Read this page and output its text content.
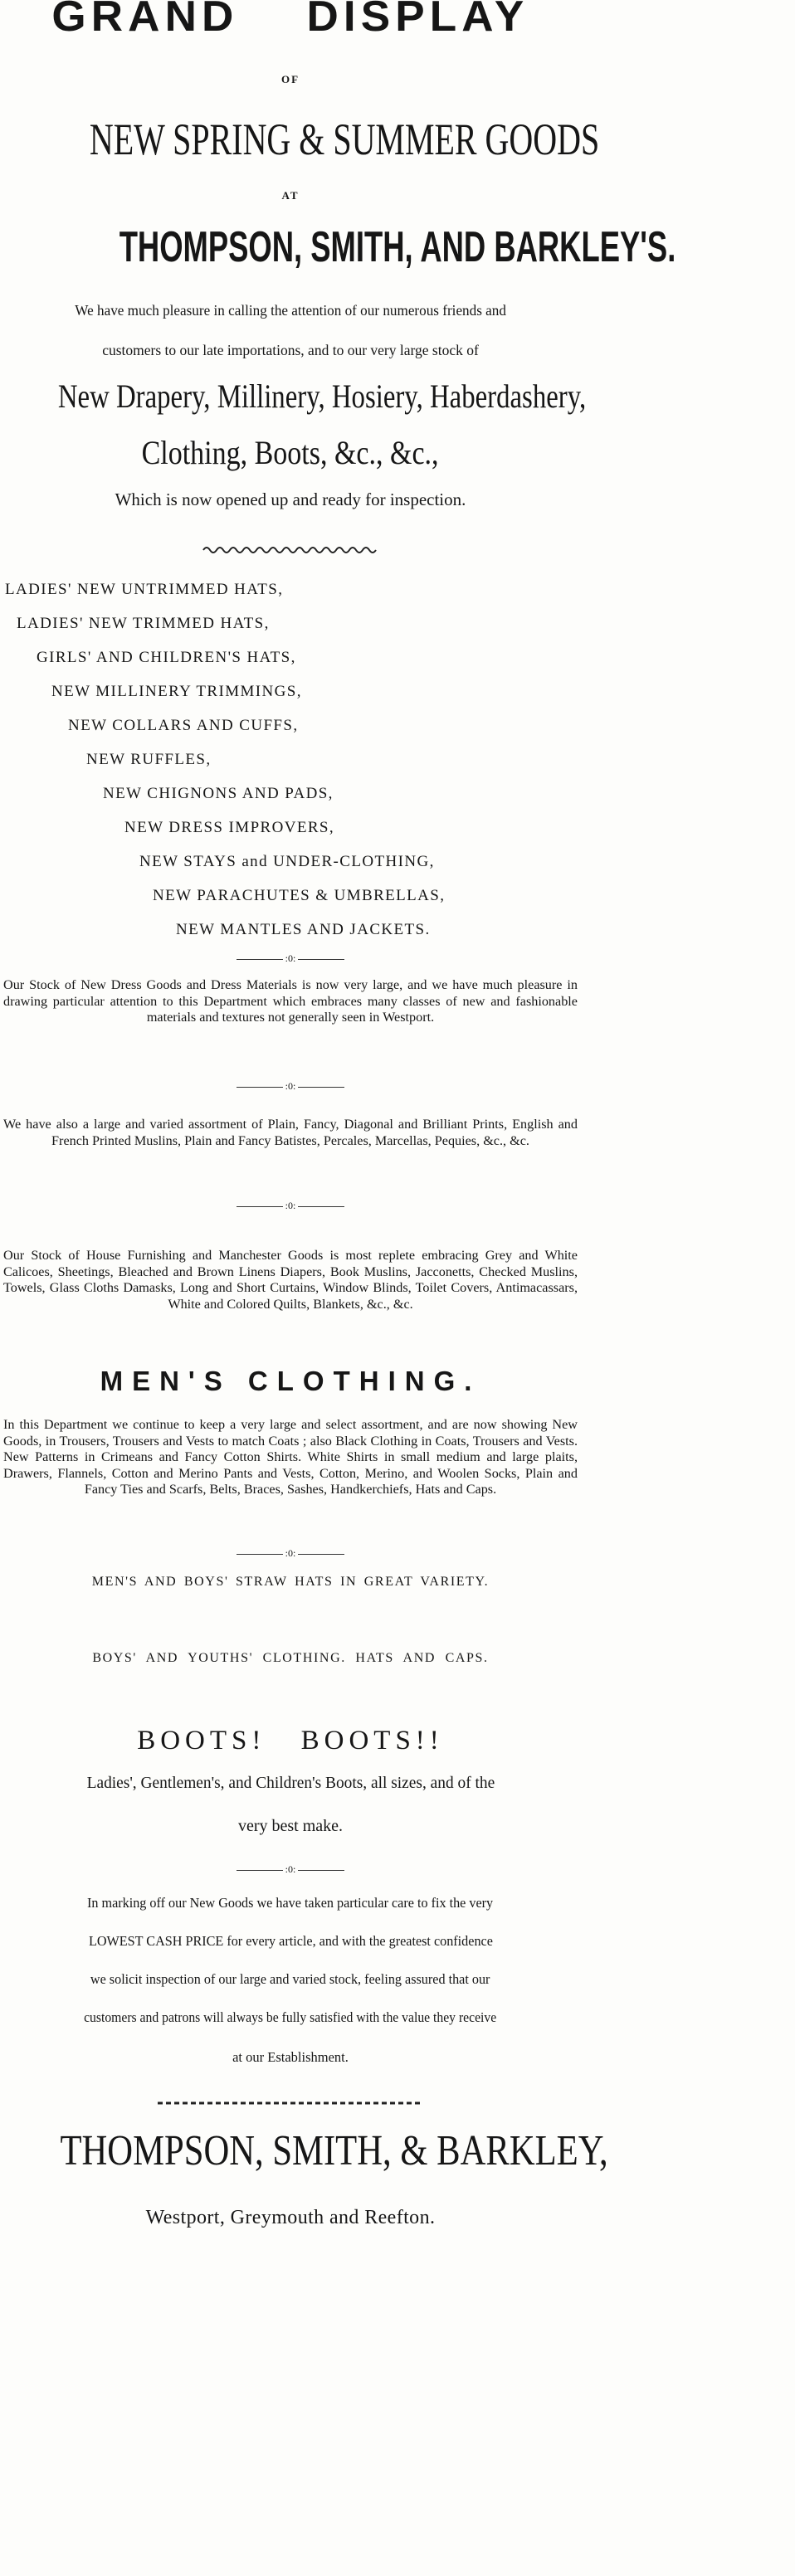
GRAND DISPLAY
OF
NEW SPRING & SUMMER GOODS
AT
THOMPSON, SMITH, AND BARKLEY'S.
We have much pleasure in calling the attention of our numerous friends and
customers to our late importations, and to our very large stock of
New Drapery, Millinery, Hosiery, Haberdashery,
Clothing, Boots, &c., &c.,
Which is now opened up and ready for inspection.
LADIES' NEW UNTRIMMED HATS,
LADIES' NEW TRIMMED HATS,
GIRLS' AND CHILDREN'S HATS,
NEW MILLINERY TRIMMINGS,
NEW COLLARS AND CUFFS,
NEW RUFFLES,
NEW CHIGNONS AND PADS,
NEW DRESS IMPROVERS,
NEW STAYS and UNDER-CLOTHING,
NEW PARACHUTES & UMBRELLAS,
NEW MANTLES AND JACKETS.
:0:
Our Stock of New Dress Goods and Dress Materials is now very large, and we have much pleasure in drawing particular attention to this Department which embraces many classes of new and fashionable materials and textures not generally seen in Westport.
:0:
We have also a large and varied assortment of Plain, Fancy, Diagonal and Brilliant Prints, English and French Printed Muslins, Plain and Fancy Batistes, Percales, Marcellas, Pequies, &c., &c.
:0:
Our Stock of House Furnishing and Manchester Goods is most replete embracing Grey and White Calicoes, Sheetings, Bleached and Brown Linens Diapers, Book Muslins, Jacconetts, Checked Muslins, Towels, Glass Cloths Damasks, Long and Short Curtains, Window Blinds, Toilet Covers, Antimacassars, White and Colored Quilts, Blankets, &c., &c.
MEN'S CLOTHING.
In this Department we continue to keep a very large and select assortment, and are now showing New Goods, in Trousers, Trousers and Vests to match Coats ; also Black Clothing in Coats, Trousers and Vests. New Patterns in Crimeans and Fancy Cotton Shirts. White Shirts in small medium and large plaits, Drawers, Flannels, Cotton and Merino Pants and Vests, Cotton, Merino, and Woolen Socks, Plain and Fancy Ties and Scarfs, Belts, Braces, Sashes, Handkerchiefs, Hats and Caps.
:0:
MEN'S AND BOYS' STRAW HATS IN GREAT VARIETY.
BOYS' AND YOUTHS' CLOTHING. HATS AND CAPS.
BOOTS! BOOTS!!
Ladies', Gentlemen's, and Children's Boots, all sizes, and of the
very best make.
:0:
In marking off our New Goods we have taken particular care to fix the very
LOWEST CASH PRICE for every article, and with the greatest confidence
we solicit inspection of our large and varied stock, feeling assured that our
customers and patrons will always be fully satisfied with the value they receive
at our Establishment.
THOMPSON, SMITH, & BARKLEY,
Westport, Greymouth and Reefton.
